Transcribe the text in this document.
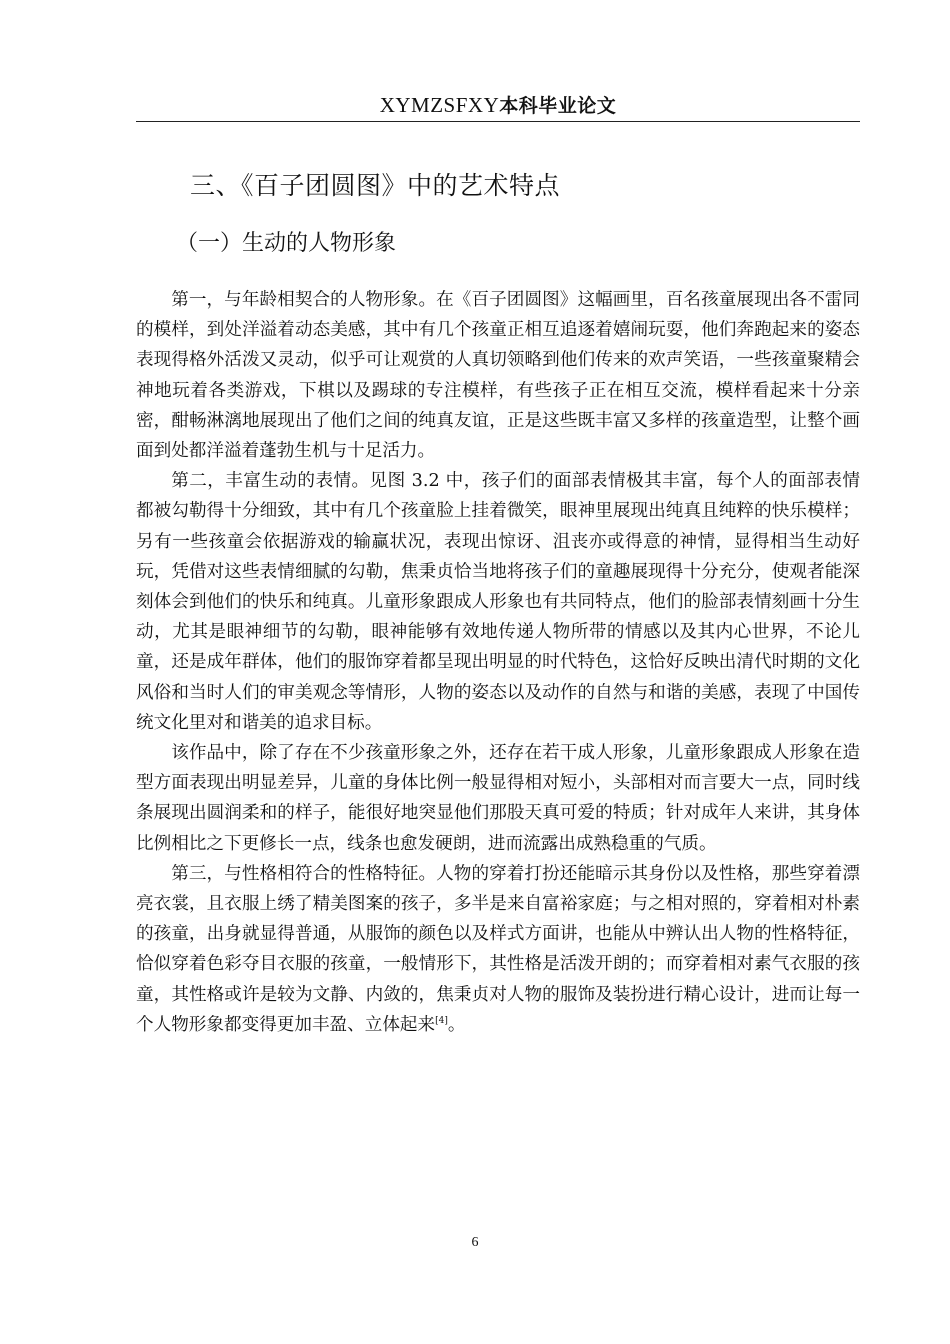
XYMZSFXY本科毕业论文
三、《百子团圆图》中的艺术特点
（一）生动的人物形象

第一，与年龄相契合的人物形象。在《百子团圆图》这幅画里，百名孩童展现出各不雷同的模样，到处洋溢着动态美感，其中有几个孩童正相互追逐着嬉闹玩耍，他们奔跑起来的姿态表现得格外活泼又灵动，似乎可让观赏的人真切领略到他们传来的欢声笑语，一些孩童聚精会神地玩着各类游戏，下棋以及踢球的专注模样，有些孩子正在相互交流，模样看起来十分亲密，酣畅淋漓地展现出了他们之间的纯真友谊，正是这些既丰富又多样的孩童造型，让整个画面到处都洋溢着蓬勃生机与十足活力。

第二，丰富生动的表情。见图 3.2 中，孩子们的面部表情极其丰富，每个人的面部表情都被勾勒得十分细致，其中有几个孩童脸上挂着微笑，眼神里展现出纯真且纯粹的快乐模样；另有一些孩童会依据游戏的输赢状况，表现出惊讶、沮丧亦或得意的神情，显得相当生动好玩，凭借对这些表情细腻的勾勒，焦秉贞恰当地将孩子们的童趣展现得十分充分，使观者能深刻体会到他们的快乐和纯真。儿童形象跟成人形象也有共同特点，他们的脸部表情刻画十分生动，尤其是眼神细节的勾勒，眼神能够有效地传递人物所带的情感以及其内心世界，不论儿童，还是成年群体，他们的服饰穿着都呈现出明显的时代特色，这恰好反映出清代时期的文化风俗和当时人们的审美观念等情形，人物的姿态以及动作的自然与和谐的美感，表现了中国传统文化里对和谐美的追求目标。

该作品中，除了存在不少孩童形象之外，还存在若干成人形象，儿童形象跟成人形象在造型方面表现出明显差异，儿童的身体比例一般显得相对短小，头部相对而言要大一点，同时线条展现出圆润柔和的样子，能很好地突显他们那股天真可爱的特质；针对成年人来讲，其身体比例相比之下更修长一点，线条也愈发硬朗，进而流露出成熟稳重的气质。

第三，与性格相符合的性格特征。人物的穿着打扮还能暗示其身份以及性格，那些穿着漂亮衣裳，且衣服上绣了精美图案的孩子，多半是来自富裕家庭；与之相对照的，穿着相对朴素的孩童，出身就显得普通，从服饰的颜色以及样式方面讲，也能从中辨认出人物的性格特征，恰似穿着色彩夺目衣服的孩童，一般情形下，其性格是活泼开朗的；而穿着相对素气衣服的孩童，其性格或许是较为文静、内敛的，焦秉贞对人物的服饰及装扮进行精心设计，进而让每一个人物形象都变得更加丰盈、立体起来[4]。

6
